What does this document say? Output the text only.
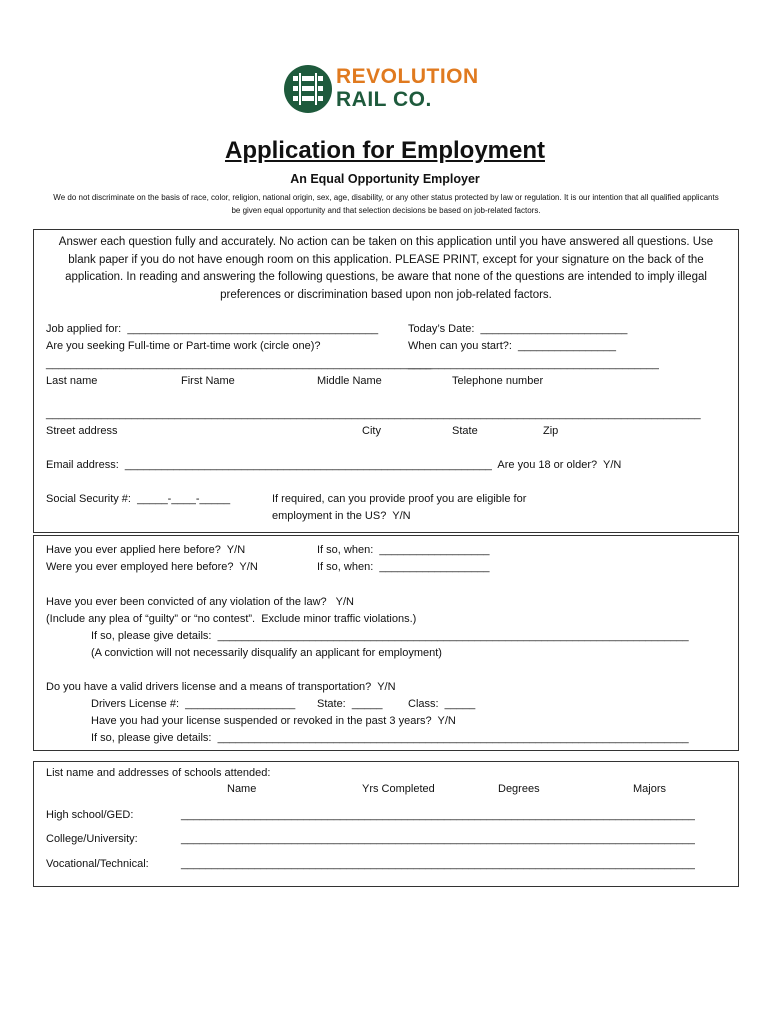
REVOLUTION
RAIL CO.
Application for Employment
An Equal Opportunity Employer
We do not discriminate on the basis of race, color, religion, national origin, sex, age, disability, or any other status protected by law or regulation. It is our intention that all qualified applicants be given equal opportunity and that selection decisions be based on job-related factors.
Answer each question fully and accurately. No action can be taken on this application until you have answered all questions. Use blank paper if you do not have enough room on this application. PLEASE PRINT, except for your signature on the back of the application. In reading and answering the following questions, be aware that none of the questions are intended to imply illegal preferences or discrimination based upon non job-related factors.
Job applied for:  _________________________________________	Today’s Date:  ________________________
Are you seeking Full-time or Part-time work (circle one)?	When can you start?:  ________________
_______________________________________________________________
_________________________________________
Last name	First Name	Middle Name	Telephone number
___________________________________________________________________________________________________________
Street address	City	State	Zip
Email address:  ____________________________________________________________  Are you 18 or older?  Y/N
Social Security #:  _____-____-_____	If required, can you provide proof you are eligible for
employment in the US?  Y/N
Have you ever applied here before?  Y/N	If so, when:  __________________
Were you ever employed here before?  Y/N	If so, when:  __________________
Have you ever been convicted of any violation of the law?   Y/N
(Include any plea of “guilty” or “no contest”.  Exclude minor traffic violations.)
If so, please give details:  _____________________________________________________________________________
(A conviction will not necessarily disqualify an applicant for employment)
Do you have a valid drivers license and a means of transportation?  Y/N
Drivers License #:  __________________ State:  _____ Class:  _____
Have you had your license suspended or revoked in the past 3 years?  Y/N
If so, please give details:  _____________________________________________________________________________
List name and addresses of schools attended:
Name	Yrs Completed	Degrees	Majors
High school/GED:	____________________________________________________________________________________
College/University:	____________________________________________________________________________________
Vocational/Technical:	____________________________________________________________________________________
